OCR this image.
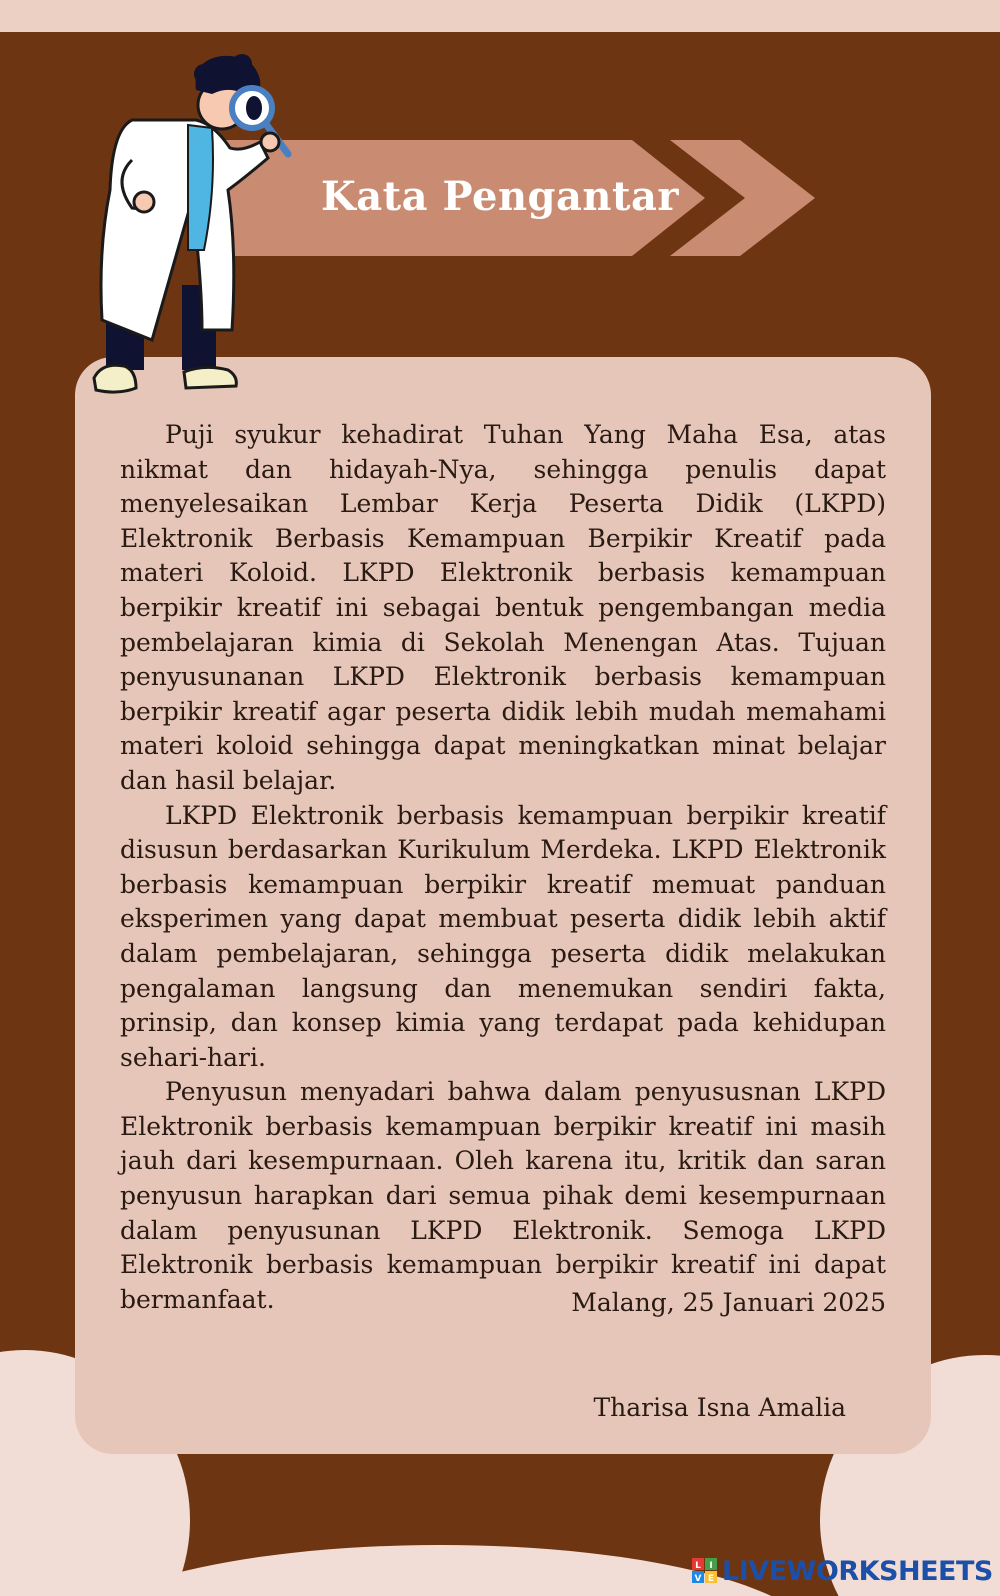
Kata Pengantar

Puji syukur kehadirat Tuhan Yang Maha Esa, atas nikmat dan hidayah-Nya, sehingga penulis dapat menyelesaikan Lembar Kerja Peserta Didik (LKPD) Elektronik Berbasis Kemampuan Berpikir Kreatif pada materi Koloid. LKPD Elektronik berbasis kemampuan berpikir kreatif ini sebagai bentuk pengembangan media pembelajaran kimia di Sekolah Menengan Atas. Tujuan penyusunanan LKPD Elektronik berbasis kemampuan berpikir kreatif agar peserta didik lebih mudah memahami materi koloid sehingga dapat meningkatkan minat belajar dan hasil belajar.

LKPD Elektronik berbasis kemampuan berpikir kreatif disusun berdasarkan Kurikulum Merdeka. LKPD Elektronik berbasis kemampuan berpikir kreatif memuat panduan eksperimen yang dapat membuat peserta didik lebih aktif dalam pembelajaran, sehingga peserta didik melakukan pengalaman langsung dan menemukan sendiri fakta, prinsip, dan konsep kimia yang terdapat pada kehidupan sehari-hari.

Penyusun menyadari bahwa dalam penyususnan LKPD Elektronik berbasis kemampuan berpikir kreatif ini masih jauh dari kesempurnaan. Oleh karena itu, kritik dan saran penyusun harapkan dari semua pihak demi kesempurnaan dalam penyusunan LKPD Elektronik. Semoga LKPD Elektronik berbasis kemampuan berpikir kreatif ini dapat bermanfaat.	Malang, 25 Januari 2025
Tharisa Isna Amalia
L I
V E LIVEWORKSHEETS
